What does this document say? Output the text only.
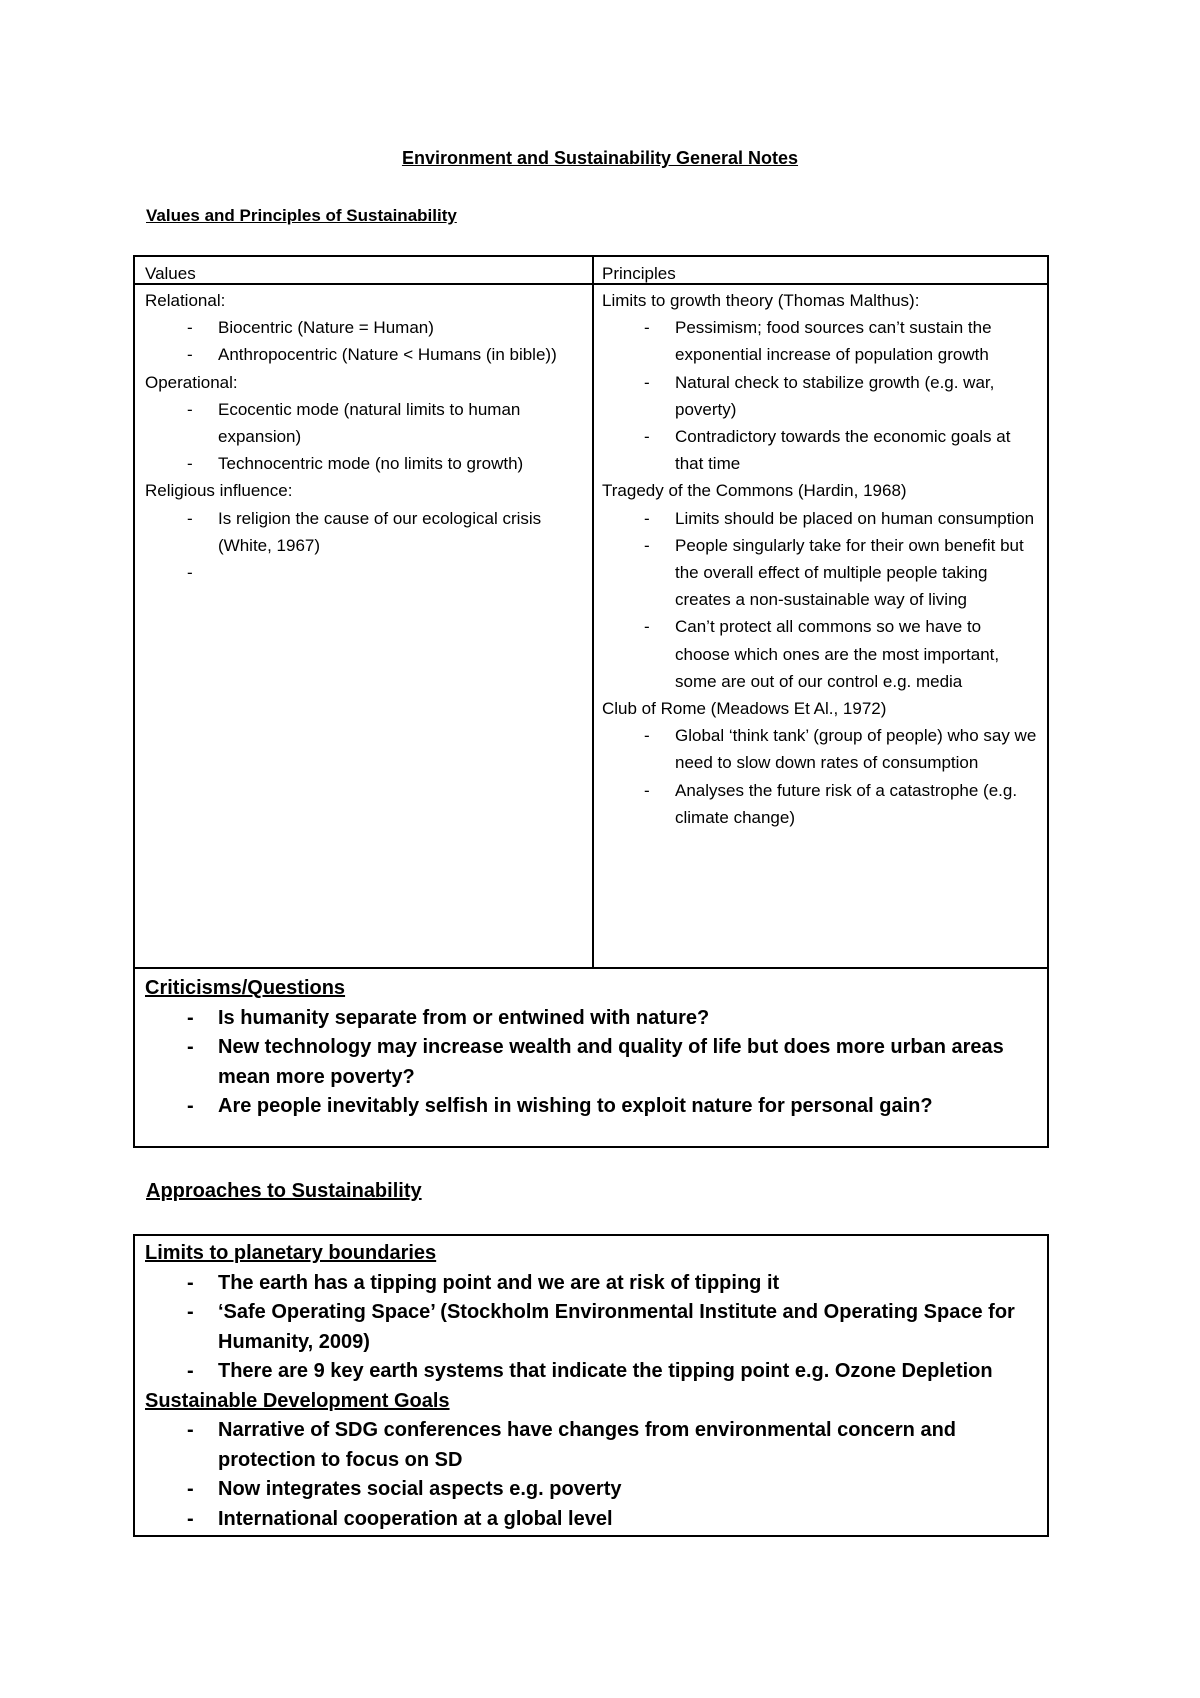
Environment and Sustainability General Notes
Values and Principles of Sustainability
Values	Principles
Relational:
- Biocentric (Nature = Human)
- Anthropocentric (Nature < Humans (in bible))
Operational:
- Ecocentic mode (natural limits to human expansion)
- Technocentric mode (no limits to growth)
Religious influence:
- Is religion the cause of our ecological crisis (White, 1967)
-
Limits to growth theory (Thomas Malthus):
- Pessimism; food sources can’t sustain the exponential increase of population growth
- Natural check to stabilize growth (e.g. war, poverty)
- Contradictory towards the economic goals at that time
Tragedy of the Commons (Hardin, 1968)
- Limits should be placed on human consumption
- People singularly take for their own benefit but the overall effect of multiple people taking creates a non-sustainable way of living
- Can’t protect all commons so we have to choose which ones are the most important, some are out of our control e.g. media
Club of Rome (Meadows Et Al., 1972)
- Global ‘think tank’ (group of people) who say we need to slow down rates of consumption
- Analyses the future risk of a catastrophe (e.g. climate change)
Criticisms/Questions
- Is humanity separate from or entwined with nature?
- New technology may increase wealth and quality of life but does more urban areas mean more poverty?
- Are people inevitably selfish in wishing to exploit nature for personal gain?
Approaches to Sustainability
Limits to planetary boundaries
- The earth has a tipping point and we are at risk of tipping it
- ‘Safe Operating Space’ (Stockholm Environmental Institute and Operating Space for Humanity, 2009)
- There are 9 key earth systems that indicate the tipping point e.g. Ozone Depletion
Sustainable Development Goals
- Narrative of SDG conferences have changes from environmental concern and protection to focus on SD
- Now integrates social aspects e.g. poverty
- International cooperation at a global level
